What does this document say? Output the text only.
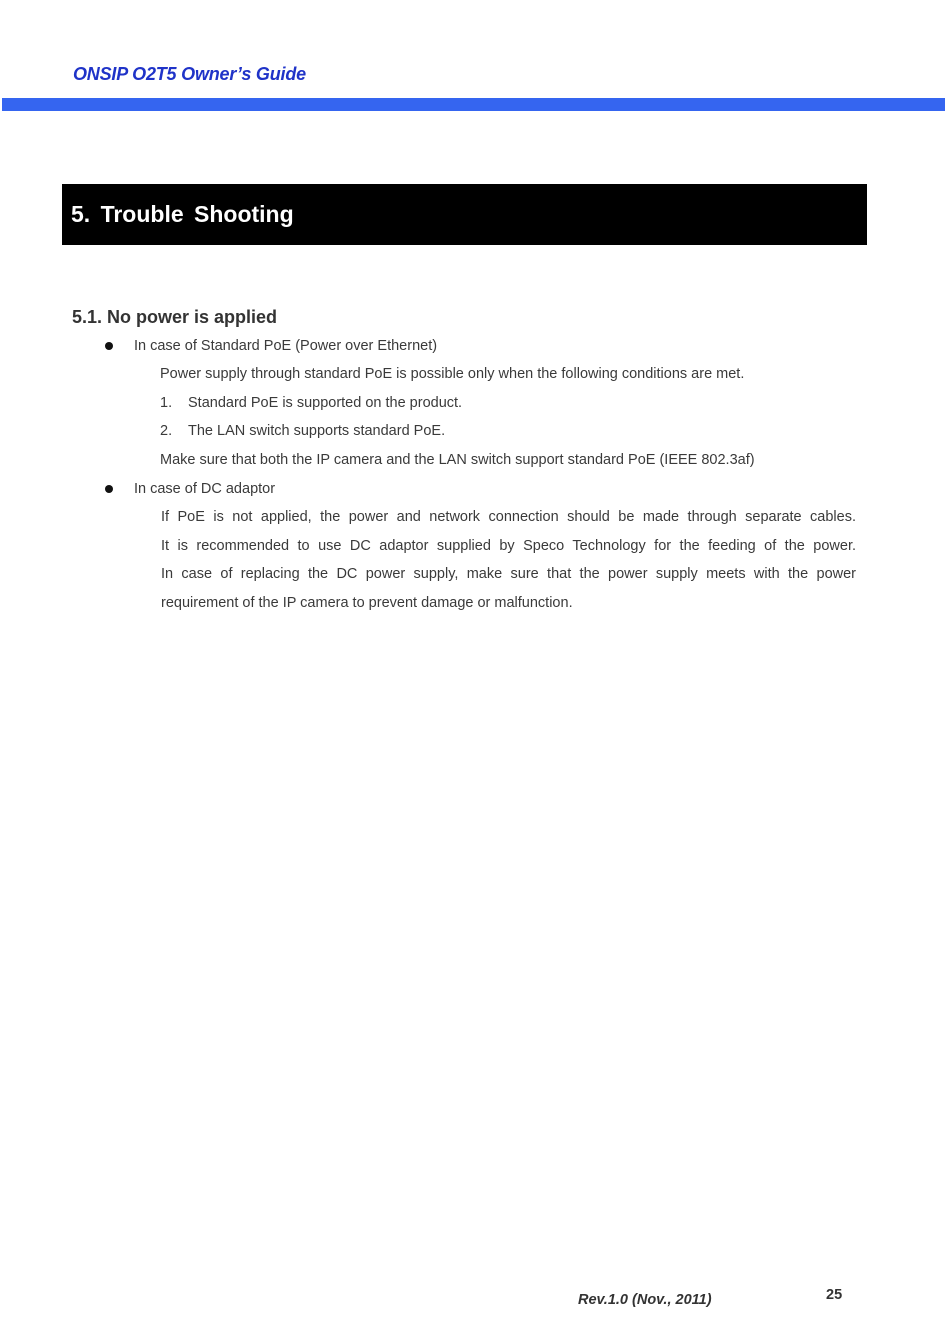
ONSIP O2T5 Owner’s Guide
5. Trouble Shooting
5.1. No power is applied
In case of Standard PoE (Power over Ethernet)
Power supply through standard PoE is possible only when the following conditions are met.
1. Standard PoE is supported on the product.
2. The LAN switch supports standard PoE.
Make sure that both the IP camera and the LAN switch support standard PoE (IEEE 802.3af)
In case of DC adaptor
If PoE is not applied, the power and network connection should be made through separate cables.
It is recommended to use DC adaptor supplied by Speco Technology for the feeding of the power.
In case of replacing the DC power supply, make sure that the power supply meets with the power
requirement of the IP camera to prevent damage or malfunction.
Rev.1.0 (Nov., 2011)	25
